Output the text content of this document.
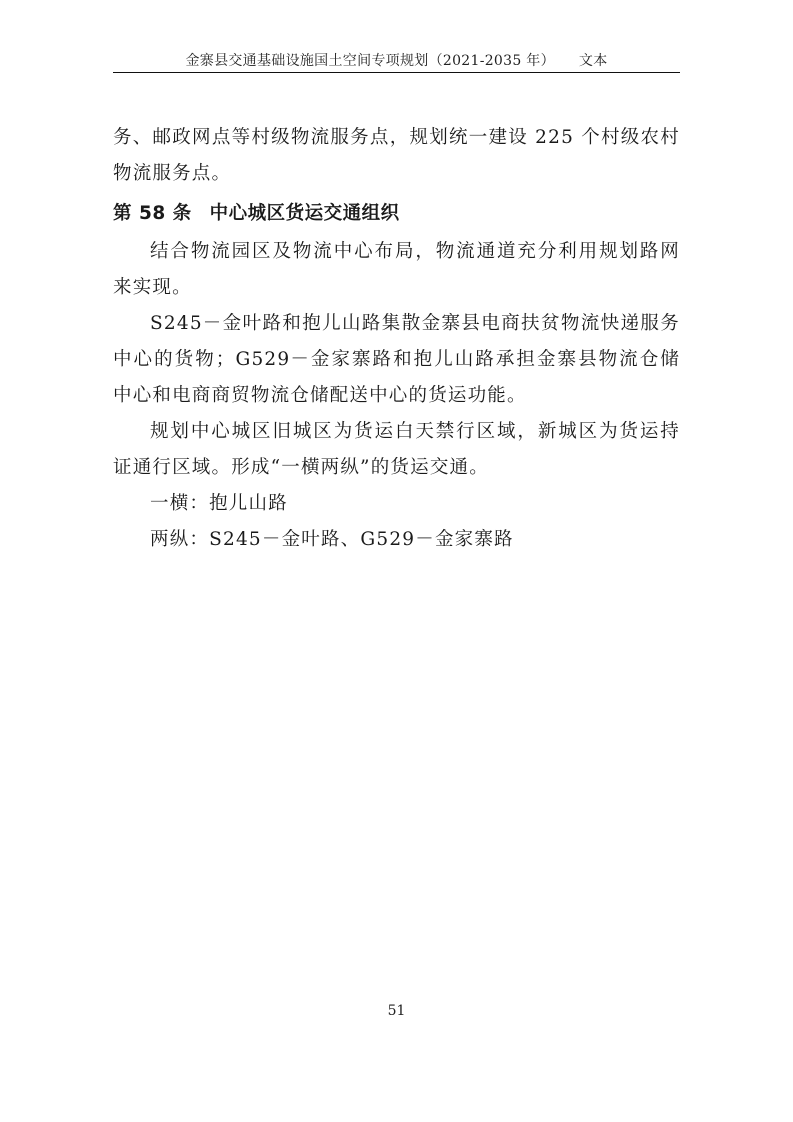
金寨县交通基础设施国土空间专项规划（2021-2035 年） 文本

务、邮政网点等村级物流服务点，规划统一建设 225 个村级农村物流服务点。

第 58 条 中心城区货运交通组织

结合物流园区及物流中心布局，物流通道充分利用规划路网来实现。

S245－金叶路和抱儿山路集散金寨县电商扶贫物流快递服务中心的货物；G529－金家寨路和抱儿山路承担金寨县物流仓储中心和电商商贸物流仓储配送中心的货运功能。

规划中心城区旧城区为货运白天禁行区域，新城区为货运持证通行区域。形成“一横两纵”的货运交通。

一横：抱儿山路

两纵：S245－金叶路、G529－金家寨路

51
